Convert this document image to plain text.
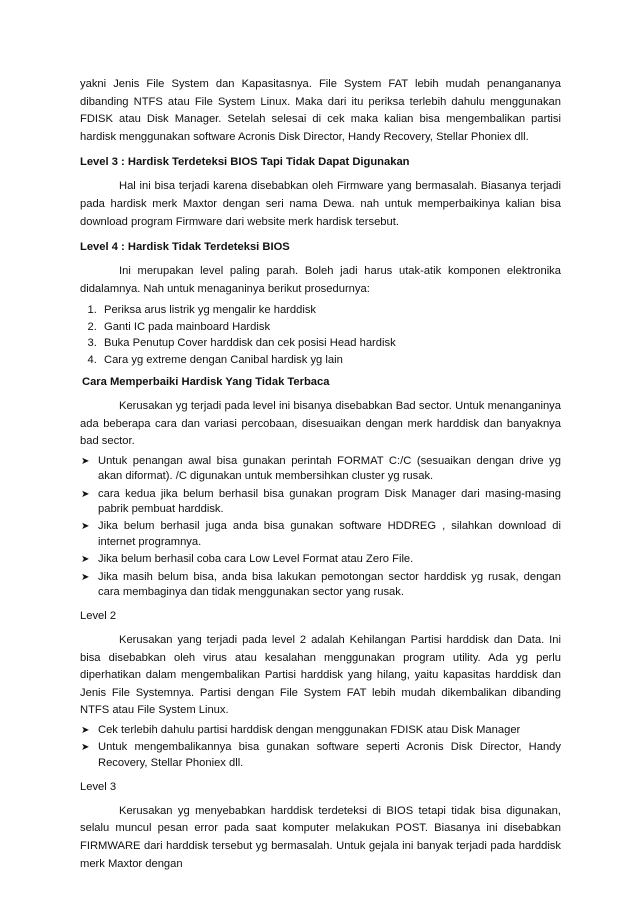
yakni Jenis File System dan Kapasitasnya. File System FAT lebih mudah penangananya dibanding NTFS atau File System Linux. Maka dari itu periksa terlebih dahulu menggunakan FDISK atau Disk Manager. Setelah selesai di cek maka kalian bisa mengembalikan partisi hardisk menggunakan software Acronis Disk Director, Handy Recovery, Stellar Phoniex dll.

Level 3 : Hardisk Terdeteksi BIOS Tapi Tidak Dapat Digunakan

Hal ini bisa terjadi karena disebabkan oleh Firmware yang bermasalah. Biasanya terjadi pada hardisk merk Maxtor dengan seri nama Dewa. nah untuk memperbaikinya kalian bisa download program Firmware dari website merk hardisk tersebut.

Level 4 : Hardisk Tidak Terdeteksi BIOS

Ini merupakan level paling parah. Boleh jadi harus utak-atik komponen elektronika didalamnya. Nah untuk menaganinya berikut prosedurnya:

1. Periksa arus listrik yg mengalir ke harddisk
2. Ganti IC pada mainboard Hardisk
3. Buka Penutup Cover harddisk dan cek posisi Head hardisk
4. Cara yg extreme dengan Canibal hardisk yg lain

Cara Memperbaiki Hardisk Yang Tidak Terbaca

Kerusakan yg terjadi pada level ini bisanya disebabkan Bad sector. Untuk menanganinya ada beberapa cara dan variasi percobaan, disesuaikan dengan merk harddisk dan banyaknya bad sector.

➤ Untuk penangan awal bisa gunakan perintah FORMAT C:/C (sesuaikan dengan drive yg akan diformat). /C digunakan untuk membersihkan cluster yg rusak.
➤ cara kedua jika belum berhasil bisa gunakan program Disk Manager dari masing-masing pabrik pembuat harddisk.
➤ Jika belum berhasil juga anda bisa gunakan software HDDREG , silahkan download di internet programnya.
➤ Jika belum berhasil coba cara Low Level Format atau Zero File.
➤ Jika masih belum bisa, anda bisa lakukan pemotongan sector harddisk yg rusak, dengan cara membaginya dan tidak menggunakan sector yang rusak.

Level 2

Kerusakan yang terjadi pada level 2 adalah Kehilangan Partisi harddisk dan Data. Ini bisa disebabkan oleh virus atau kesalahan menggunakan program utility. Ada yg perlu diperhatikan dalam mengembalikan Partisi harddisk yang hilang, yaitu kapasitas harddisk dan Jenis File Systemnya. Partisi dengan File System FAT lebih mudah dikembalikan dibanding NTFS atau File System Linux.

➤ Cek terlebih dahulu partisi harddisk dengan menggunakan FDISK atau Disk Manager
➤ Untuk mengembalikannya bisa gunakan software seperti Acronis Disk Director, Handy Recovery, Stellar Phoniex dll.

Level 3

Kerusakan yg menyebabkan harddisk terdeteksi di BIOS tetapi tidak bisa digunakan, selalu muncul pesan error pada saat komputer melakukan POST. Biasanya ini disebabkan FIRMWARE dari harddisk tersebut yg bermasalah. Untuk gejala ini banyak terjadi pada harddisk merk Maxtor dengan
